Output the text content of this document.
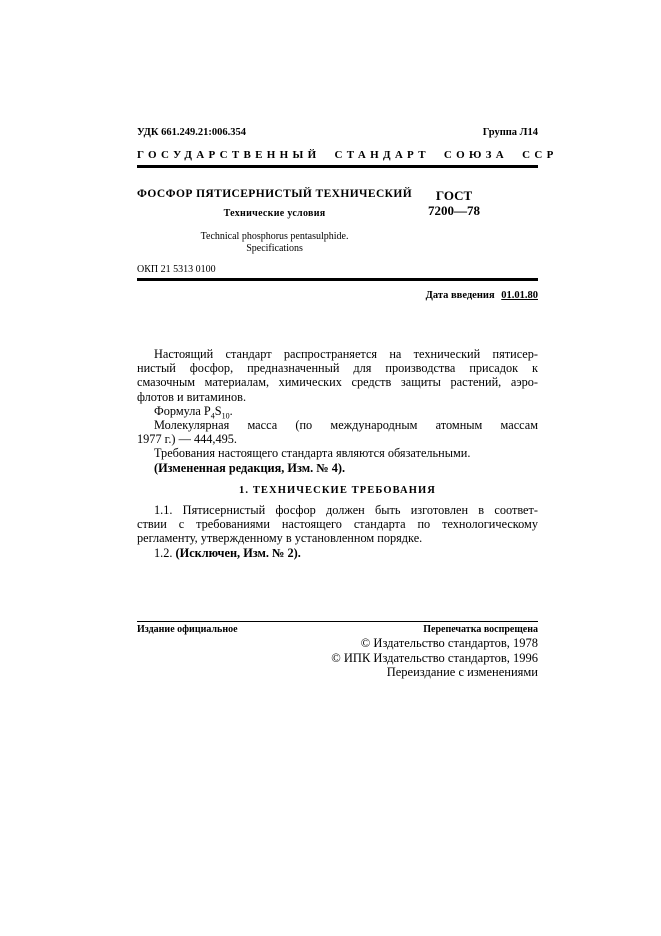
УДК 661.249.21:006.354	Группа Л14
ГОСУДАРСТВЕННЫЙ СТАНДАРТ СОЮЗА ССР
ФОСФОР ПЯТИСЕРНИСТЫЙ ТЕХНИЧЕСКИЙ
Технические условия
Technical phosphorus pentasulphide.
Specifications
ГОСТ
7200—78
ОКП 21 5313 0100
Дата введения 01.01.80
Настоящий стандарт распространяется на технический пятисер-
нистый фосфор, предназначенный для производства присадок к
смазочным материалам, химических средств защиты растений, аэро-
флотов и витаминов.
Формула $P_4S_{10}$.
Молекулярная масса (по международным атомным массам
1977 г.) — 444,495.
Требования настоящего стандарта являются обязательными.
(Измененная редакция, Изм. № 4).
1. ТЕХНИЧЕСКИЕ ТРЕБОВАНИЯ
1.1. Пятисернистый фосфор должен быть изготовлен в соответ-
ствии с требованиями настоящего стандарта по технологическому
регламенту, утвержденному в установленном порядке.
1.2. (Исключен, Изм. № 2).
Издание официальное	Перепечатка воспрещена
© Издательство стандартов, 1978
© ИПК Издательство стандартов, 1996
Переиздание с изменениями
